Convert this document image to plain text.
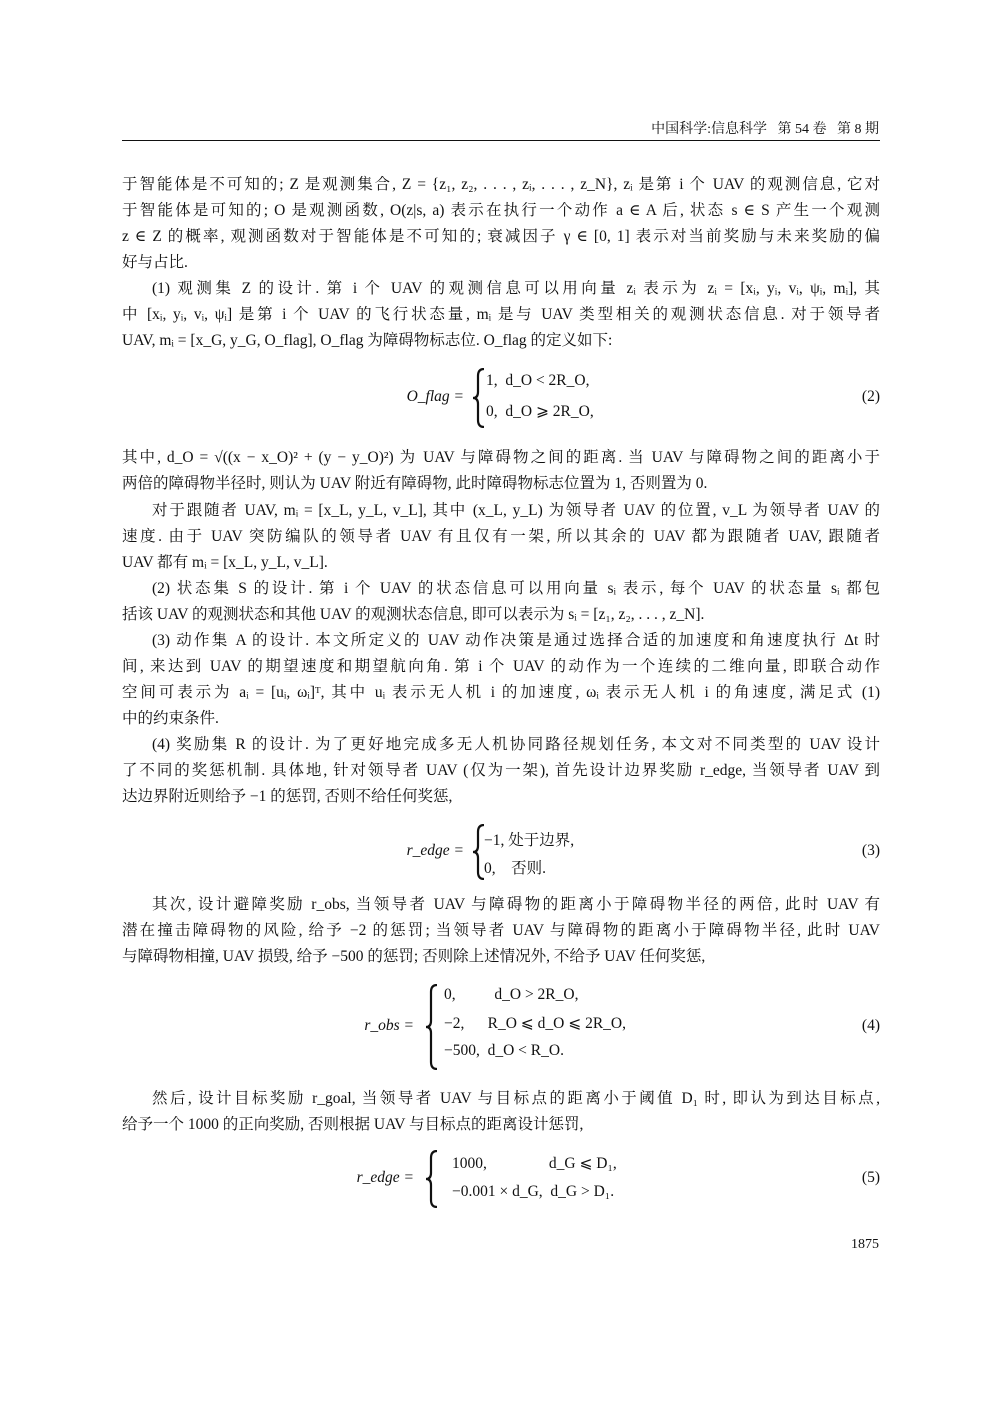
中国科学:信息科学 第 54 卷 第 8 期
于智能体是不可知的; Z 是观测集合, Z = {z₁, z₂, . . . , zᵢ, . . . , z_N}, zᵢ 是第 i 个 UAV 的观测信息, 它对
于智能体是可知的; O 是观测函数, O(z|s, a) 表示在执行一个动作 a ∈ A 后, 状态 s ∈ S 产生一个观测
z ∈ Z 的概率, 观测函数对于智能体是不可知的; 衰减因子 γ ∈ [0, 1] 表示对当前奖励与未来奖励的偏
好与占比.
(1) 观测集 Z 的设计. 第 i 个 UAV 的观测信息可以用向量 zᵢ 表示为 zᵢ = [xᵢ, yᵢ, vᵢ, ψᵢ, mᵢ], 其
中 [xᵢ, yᵢ, vᵢ, ψᵢ] 是第 i 个 UAV 的飞行状态量, mᵢ 是与 UAV 类型相关的观测状态信息. 对于领导者
UAV, mᵢ = [x_G, y_G, O_flag], O_flag 为障碍物标志位. O_flag 的定义如下:
其中, d_O = √((x − x_O)² + (y − y_O)²) 为 UAV 与障碍物之间的距离. 当 UAV 与障碍物之间的距离小于
两倍的障碍物半径时, 则认为 UAV 附近有障碍物, 此时障碍物标志位置为 1, 否则置为 0.
对于跟随者 UAV, mᵢ = [x_L, y_L, v_L], 其中 (x_L, y_L) 为领导者 UAV 的位置, v_L 为领导者 UAV 的
速度. 由于 UAV 突防编队的领导者 UAV 有且仅有一架, 所以其余的 UAV 都为跟随者 UAV, 跟随者
UAV 都有 mᵢ = [x_L, y_L, v_L].
(2) 状态集 S 的设计. 第 i 个 UAV 的状态信息可以用向量 sᵢ 表示, 每个 UAV 的状态量 sᵢ 都包
括该 UAV 的观测状态和其他 UAV 的观测状态信息, 即可以表示为 sᵢ = [z₁, z₂, . . . , z_N].
(3) 动作集 A 的设计. 本文所定义的 UAV 动作决策是通过选择合适的加速度和角速度执行 Δt 时
间, 来达到 UAV 的期望速度和期望航向角. 第 i 个 UAV 的动作为一个连续的二维向量, 即联合动作
空间可表示为 aᵢ = [uᵢ, ωᵢ]ᵀ, 其中 uᵢ 表示无人机 i 的加速度, ωᵢ 表示无人机 i 的角速度, 满足式 (1)
中的约束条件.
(4) 奖励集 R 的设计. 为了更好地完成多无人机协同路径规划任务, 本文对不同类型的 UAV 设计
了不同的奖惩机制. 具体地, 针对领导者 UAV (仅为一架), 首先设计边界奖励 r_edge, 当领导者 UAV 到
达边界附近则给予 −1 的惩罚, 否则不给任何奖惩,
其次, 设计避障奖励 r_obs, 当领导者 UAV 与障碍物的距离小于障碍物半径的两倍, 此时 UAV 有
潜在撞击障碍物的风险, 给予 −2 的惩罚; 当领导者 UAV 与障碍物的距离小于障碍物半径, 此时 UAV
与障碍物相撞, UAV 损毁, 给予 −500 的惩罚; 否则除上述情况外, 不给予 UAV 任何奖惩,
然后, 设计目标奖励 r_goal, 当领导者 UAV 与目标点的距离小于阈值 D₁ 时, 即认为到达目标点,
给予一个 1000 的正向奖励, 否则根据 UAV 与目标点的距离设计惩罚,
O_flag =
1,  d_O < 2R_O,
0,  d_O ⩾ 2R_O,
(2)
r_edge =
−1, 处于边界,
0,    否则.
(3)
r_obs =
0,          d_O > 2R_O,
−2,      R_O ⩽ d_O ⩽ 2R_O,
−500,  d_O < R_O.
(4)
r_edge =
1000,                d_G ⩽ D₁,
−0.001 × d_G,  d_G > D₁.
(5)
1875
